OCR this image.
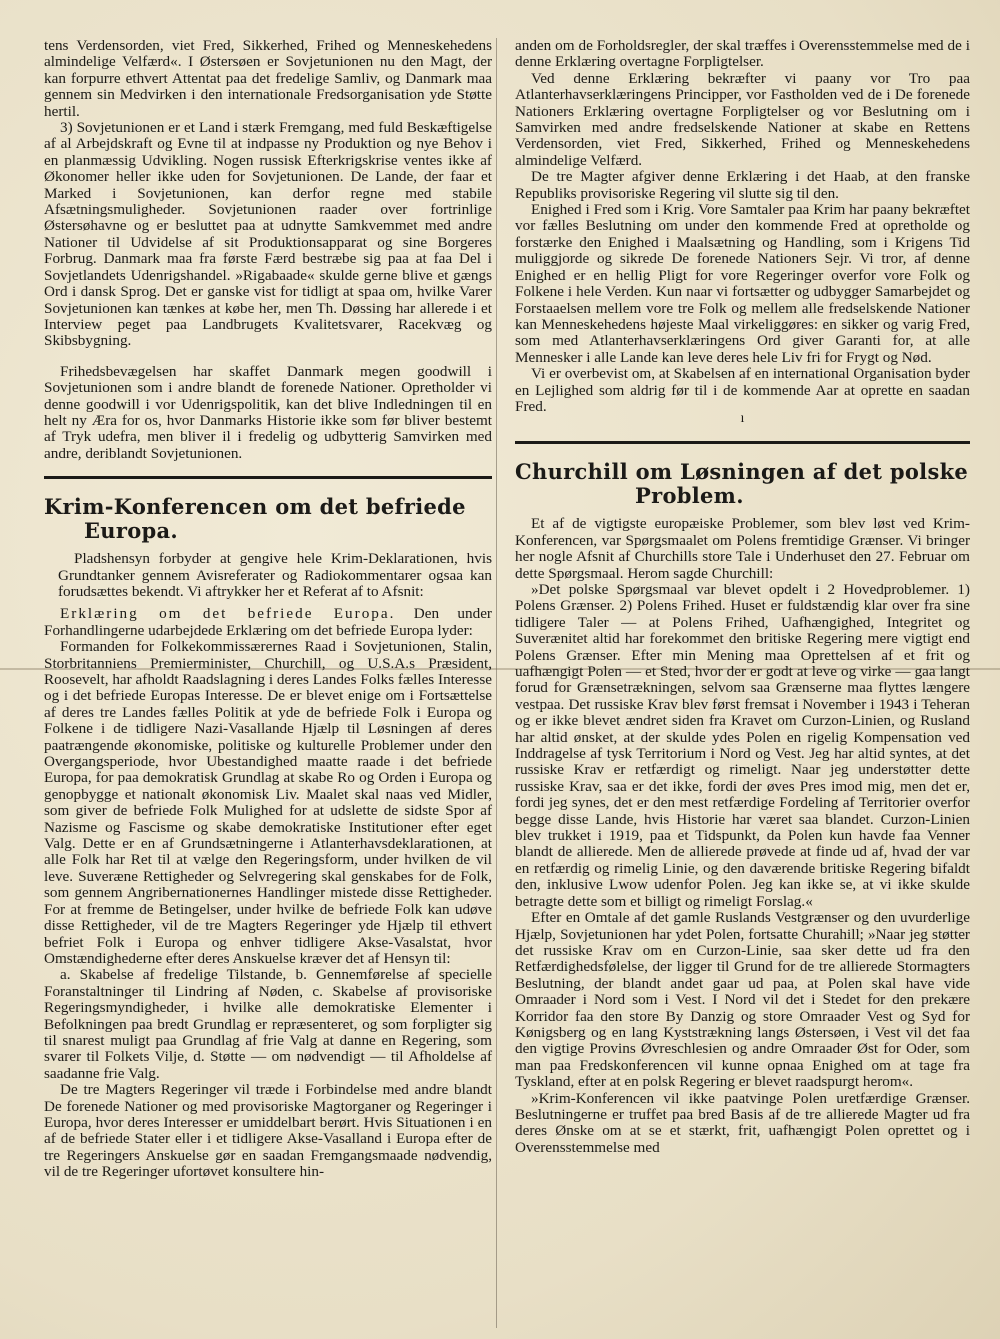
tens Verdensorden, viet Fred, Sikkerhed, Frihed og Menneskehedens almindelige Velfærd«. I Østersøen er Sovjetunionen nu den Magt, der kan forpurre ethvert Attentat paa det fredelige Samliv, og Danmark maa gennem sin Medvirken i den internationale Fredsorganisation yde Støtte hertil.

3) Sovjetunionen er et Land i stærk Fremgang, med fuld Beskæftigelse af al Arbejdskraft og Evne til at indpasse ny Produktion og nye Behov i en planmæssig Udvikling. Nogen russisk Efterkrigskrise ventes ikke af Økonomer heller ikke uden for Sovjetunionen. De Lande, der faar et Marked i Sovjetunionen, kan derfor regne med stabile Afsætningsmuligheder. Sovjetunionen raader over fortrinlige Østersøhavne og er besluttet paa at udnytte Samkvemmet med andre Nationer til Udvidelse af sit Produktionsapparat og sine Borgeres Forbrug. Danmark maa fra første Færd bestræbe sig paa at faa Del i Sovjetlandets Udenrigshandel. »Rigabaade« skulde gerne blive et gængs Ord i dansk Sprog. Det er ganske vist for tidligt at spaa om, hvilke Varer Sovjetunionen kan tænkes at købe her, men Th. Døssing har allerede i et Interview peget paa Landbrugets Kvalitetsvarer, Racekvæg og Skibsbygning.

Frihedsbevægelsen har skaffet Danmark megen goodwill i Sovjetunionen som i andre blandt de forenede Nationer. Opretholder vi denne goodwill i vor Udenrigspolitik, kan det blive Indledningen til en helt ny Æra for os, hvor Danmarks Historie ikke som før bliver bestemt af Tryk udefra, men bliver il i fredelig og udbytterig Samvirken med andre, deriblandt Sovjetunionen.

Krim-Konferencen om det befriede
Europa.

Pladshensyn forbyder at gengive hele Krim-Deklarationen, hvis Grundtanker gennem Avisreferater og Radiokommentarer ogsaa kan forudsættes bekendt. Vi aftrykker her et Referat af to Afsnit:

Erklæring om det befriede Europa. Den under Forhandlingerne udarbejdede Erklæring om det befriede Europa lyder:

Formanden for Folkekommissærernes Raad i Sovjetunionen, Stalin, Storbritanniens Premierminister, Churchill, og U.S.A.s Præsident, Roosevelt, har afholdt Raadslagning i deres Landes Folks fælles Interesse og i det befriede Europas Interesse. De er blevet enige om i Fortsættelse af deres tre Landes fælles Politik at yde de befriede Folk i Europa og Folkene i de tidligere Nazi-Vasallande Hjælp til Løsningen af deres paatrængende økonomiske, politiske og kulturelle Problemer under den Overgangsperiode, hvor Ubestandighed maatte raade i det befriede Europa, for paa demokratisk Grundlag at skabe Ro og Orden i Europa og genopbygge et nationalt økonomisk Liv. Maalet skal naas ved Midler, som giver de befriede Folk Mulighed for at udslette de sidste Spor af Nazisme og Fascisme og skabe demokratiske Institutioner efter eget Valg. Dette er en af Grundsætningerne i Atlanterhavsdeklarationen, at alle Folk har Ret til at vælge den Regeringsform, under hvilken de vil leve. Suveræne Rettigheder og Selvregering skal genskabes for de Folk, som gennem Angribernationernes Handlinger mistede disse Rettigheder. For at fremme de Betingelser, under hvilke de befriede Folk kan udøve disse Rettigheder, vil de tre Magters Regeringer yde Hjælp til ethvert befriet Folk i Europa og enhver tidligere Akse-Vasalstat, hvor Omstændighederne efter deres Anskuelse kræver det af Hensyn til:

a. Skabelse af fredelige Tilstande, b. Gennemførelse af specielle Foranstaltninger til Lindring af Nøden, c. Skabelse af provisoriske Regeringsmyndigheder, i hvilke alle demokratiske Elementer i Befolkningen paa bredt Grundlag er repræsenteret, og som forpligter sig til snarest muligt paa Grundlag af frie Valg at danne en Regering, som svarer til Folkets Vilje, d. Støtte — om nødvendigt — til Afholdelse af saadanne frie Valg.

De tre Magters Regeringer vil træde i Forbindelse med andre blandt De forenede Nationer og med provisoriske Magtorganer og Regeringer i Europa, hvor deres Interesser er umiddelbart berørt. Hvis Situationen i en af de befriede Stater eller i et tidligere Akse-Vasalland i Europa efter de tre Regeringers Anskuelse gør en saadan Fremgangsmaade nødvendig, vil de tre Regeringer ufortøvet konsultere hin-

anden om de Forholdsregler, der skal træffes i Overensstemmelse med de i denne Erklæring overtagne Forpligtelser.

Ved denne Erklæring bekræfter vi paany vor Tro paa Atlanterhavserklæringens Principper, vor Fastholden ved de i De forenede Nationers Erklæring overtagne Forpligtelser og vor Beslutning om i Samvirken med andre fredselskende Nationer at skabe en Rettens Verdensorden, viet Fred, Sikkerhed, Frihed og Menneskehedens almindelige Velfærd.

De tre Magter afgiver denne Erklæring i det Haab, at den franske Republiks provisoriske Regering vil slutte sig til den.

Enighed i Fred som i Krig. Vore Samtaler paa Krim har paany bekræftet vor fælles Beslutning om under den kommende Fred at opretholde og forstærke den Enighed i Maalsætning og Handling, som i Krigens Tid muliggjorde og sikrede De forenede Nationers Sejr. Vi tror, af denne Enighed er en hellig Pligt for vore Regeringer overfor vore Folk og Folkene i hele Verden. Kun naar vi fortsætter og udbygger Samarbejdet og Forstaaelsen mellem vore tre Folk og mellem alle fredselskende Nationer kan Menneskehedens højeste Maal virkeliggøres: en sikker og varig Fred, som med Atlanterhavserklæringens Ord giver Garanti for, at alle Mennesker i alle Lande kan leve deres hele Liv fri for Frygt og Nød.

Vi er overbevist om, at Skabelsen af en international Organisation byder en Lejlighed som aldrig før til i de kommende Aar at oprette en saadan Fred.

ı
Churchill om Løsningen af det polske
Problem.

Et af de vigtigste europæiske Problemer, som blev løst ved Krim-Konferencen, var Spørgsmaalet om Polens fremtidige Grænser. Vi bringer her nogle Afsnit af Churchills store Tale i Underhuset den 27. Februar om dette Spørgsmaal. Herom sagde Churchill:

»Det polske Spørgsmaal var blevet opdelt i 2 Hovedproblemer. 1) Polens Grænser. 2) Polens Frihed. Huset er fuldstændig klar over fra sine tidligere Taler — at Polens Frihed, Uafhængighed, Integritet og Suverænitet altid har forekommet den britiske Regering mere vigtigt end Polens Grænser. Efter min Mening maa Oprettelsen af et frit og uafhængigt Polen — et Sted, hvor der er godt at leve og virke — gaa langt forud for Grænsetrækningen, selvom saa Grænserne maa flyttes længere vestpaa. Det russiske Krav blev først fremsat i November i 1943 i Teheran og er ikke blevet ændret siden fra Kravet om Curzon-Linien, og Rusland har altid ønsket, at der skulde ydes Polen en rigelig Kompensation ved Inddragelse af tysk Territorium i Nord og Vest. Jeg har altid syntes, at det russiske Krav er retfærdigt og rimeligt. Naar jeg understøtter dette russiske Krav, saa er det ikke, fordi der øves Pres imod mig, men det er, fordi jeg synes, det er den mest retfærdige Fordeling af Territorier overfor begge disse Lande, hvis Historie har været saa blandet. Curzon-Linien blev trukket i 1919, paa et Tidspunkt, da Polen kun havde faa Venner blandt de allierede. Men de allierede prøvede at finde ud af, hvad der var en retfærdig og rimelig Linie, og den daværende britiske Regering bifaldt den, inklusive Lwow udenfor Polen. Jeg kan ikke se, at vi ikke skulde betragte dette som et billigt og rimeligt Forslag.«

Efter en Omtale af det gamle Ruslands Vestgrænser og den uvurderlige Hjælp, Sovjetunionen har ydet Polen, fortsatte Churahill; »Naar jeg støtter det russiske Krav om en Curzon-Linie, saa sker dette ud fra den Retfærdighedsfølelse, der ligger til Grund for de tre allierede Stormagters Beslutning, der blandt andet gaar ud paa, at Polen skal have vide Omraader i Nord som i Vest. I Nord vil det i Stedet for den prekære Korridor faa den store By Danzig og store Omraader Vest og Syd for Kønigsberg og en lang Kyststrækning langs Østersøen, i Vest vil det faa den vigtige Provins Øvreschlesien og andre Omraader Øst for Oder, som man paa Fredskonferencen vil kunne opnaa Enighed om at tage fra Tyskland, efter at en polsk Regering er blevet raadspurgt herom«.

»Krim-Konferencen vil ikke paatvinge Polen uretfærdige Grænser. Beslutningerne er truffet paa bred Basis af de tre allierede Magter ud fra deres Ønske om at se et stærkt, frit, uafhængigt Polen oprettet og i Overensstemmelse med
